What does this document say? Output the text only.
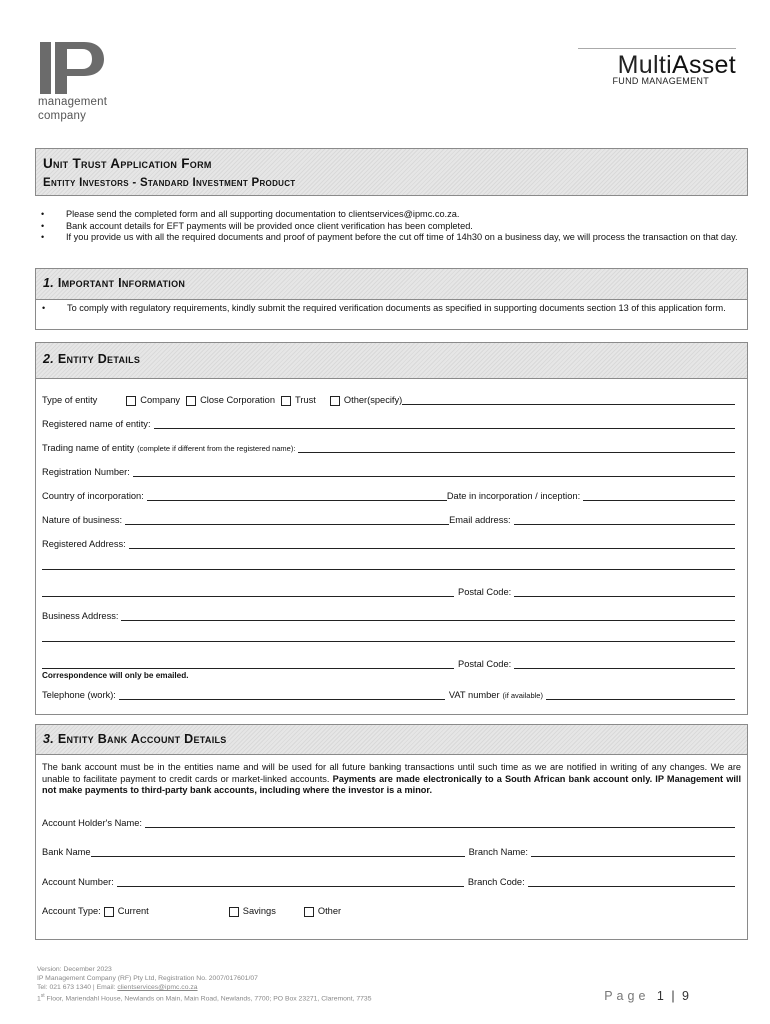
management
company
MultiAsset
FUND MANAGEMENT
Unit Trust Application Form
Entity Investors - Standard Investment Product
• Please send the completed form and all supporting documentation to clientservices@ipmc.co.za.
• Bank account details for EFT payments will be provided once client verification has been completed.
• If you provide us with all the required documents and proof of payment before the cut off time of 14h30 on a business day, we will process the transaction on that day.
1. Important Information
• To comply with regulatory requirements, kindly submit the required verification documents as specified in supporting documents section 13 of this application form.
2. Entity Details
Type of entity	Company Close Corporation Trust	Other(specify)
Registered name of entity:
Trading name of entity (complete if different from the registered name):
Registration Number:
Country of incorporation:	Date in incorporation / inception:
Nature of business:	Email address:
Registered Address:
Postal Code:
Business Address:
Postal Code:
Correspondence will only be emailed.
Telephone (work):	VAT number (if available)
3. Entity Bank Account Details
The bank account must be in the entities name and will be used for all future banking transactions until such time as we are notified in writing of any changes. We are unable to facilitate payment to credit cards or market-linked accounts. Payments are made electronically to a South African bank account only. IP Management will not make payments to third-party bank accounts, including where the investor is a minor.
Account Holder's Name:
Bank Name	Branch Name:
Account Number:	Branch Code:
Account Type:	Current	Savings	Other
Version: December 2023
IP Management Company (RF) Pty Ltd, Registration No. 2007/017601/07
Tel: 021 673 1340 | Email: clientservices@ipmc.co.za
1st Floor, Mariendahl House, Newlands on Main, Main Road, Newlands, 7700; PO Box 23271, Claremont, 7735	Page 1 | 9
